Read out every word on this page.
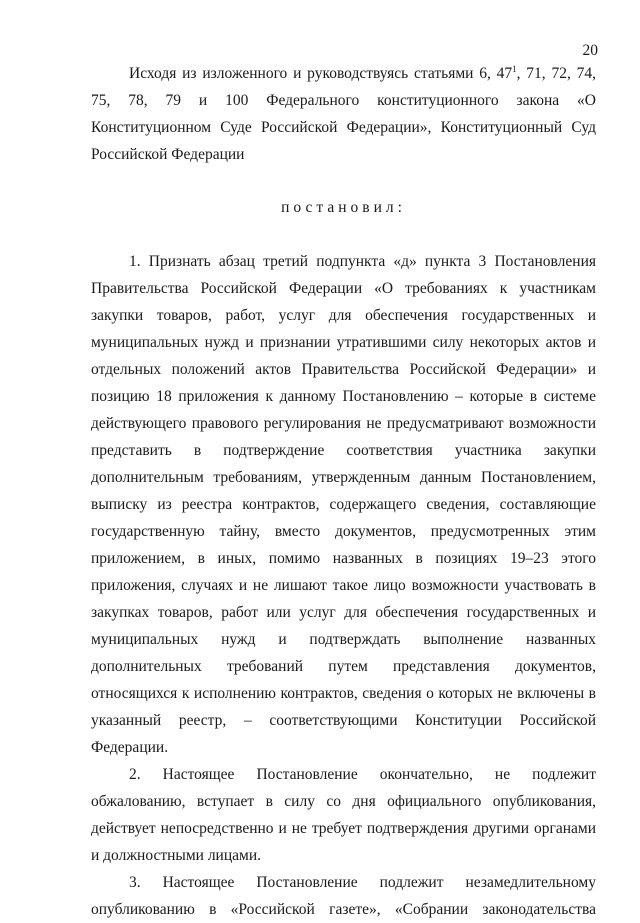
20

Исходя из изложенного и руководствуясь статьями 6, $47^1$, 71, 72, 74, 75, 78, 79 и 100 Федерального конституционного закона «О Конституционном Суде Российской Федерации», Конституционный Суд Российской Федерации

постановил:

1. Признать абзац третий подпункта «д» пункта 3 Постановления Правительства Российской Федерации «О требованиях к участникам закупки товаров, работ, услуг для обеспечения государственных и муниципальных нужд и признании утратившими силу некоторых актов и отдельных положений актов Правительства Российской Федерации» и позицию 18 приложения к данному Постановлению – которые в системе действующего правового регулирования не предусматривают возможности представить в подтверждение соответствия участника закупки дополнительным требованиям, утвержденным данным Постановлением, выписку из реестра контрактов, содержащего сведения, составляющие государственную тайну, вместо документов, предусмотренных этим приложением, в иных, помимо названных в позициях 19–23 этого приложения, случаях и не лишают такое лицо возможности участвовать в закупках товаров, работ или услуг для обеспечения государственных и муниципальных нужд и подтверждать выполнение названных дополнительных требований путем представления документов, относящихся к исполнению контрактов, сведения о которых не включены в указанный реестр, – соответствующими Конституции Российской Федерации.

2. Настоящее Постановление окончательно, не подлежит обжалованию, вступает в силу со дня официального опубликования, действует непосредственно и не требует подтверждения другими органами и должностными лицами.

3. Настоящее Постановление подлежит незамедлительному опубликованию в «Российской газете», «Собрании законодательства
